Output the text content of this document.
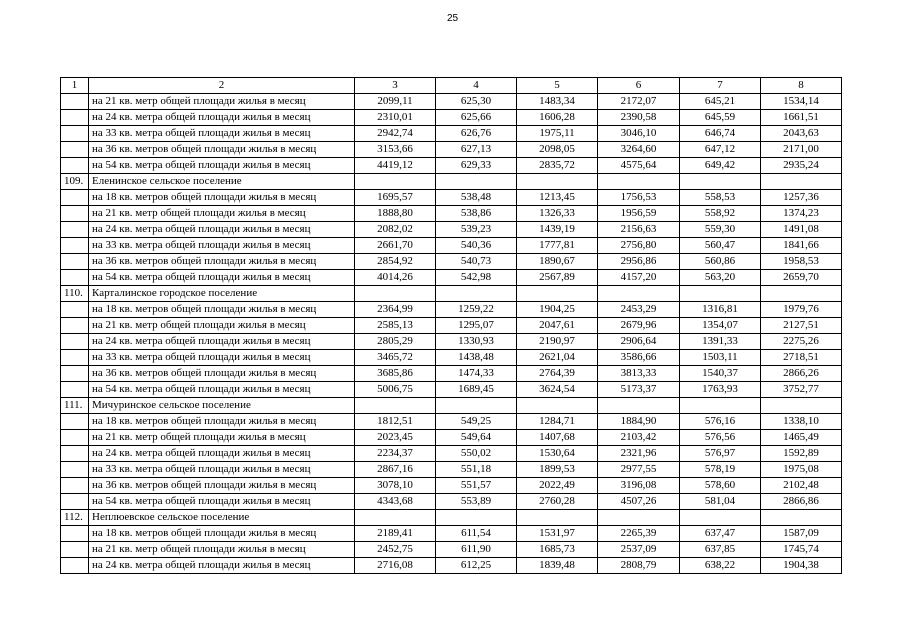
25
1	2	3	4	5	6	7	8
	на 21 кв. метр общей площади жилья в месяц	2099,11	625,30	1483,34	2172,07	645,21	1534,14
	на 24 кв. метра общей площади жилья в месяц	2310,01	625,66	1606,28	2390,58	645,59	1661,51
	на 33 кв. метра общей площади жилья в месяц	2942,74	626,76	1975,11	3046,10	646,74	2043,63
	на 36 кв. метров общей площади жилья в месяц	3153,66	627,13	2098,05	3264,60	647,12	2171,00
	на 54 кв. метра общей площади жилья в месяц	4419,12	629,33	2835,72	4575,64	649,42	2935,24
109.	Еленинское сельское поселение						
	на 18 кв. метров общей площади жилья в месяц	1695,57	538,48	1213,45	1756,53	558,53	1257,36
	на 21 кв. метр общей площади жилья в месяц	1888,80	538,86	1326,33	1956,59	558,92	1374,23
	на 24 кв. метра общей площади жилья в месяц	2082,02	539,23	1439,19	2156,63	559,30	1491,08
	на 33 кв. метра общей площади жилья в месяц	2661,70	540,36	1777,81	2756,80	560,47	1841,66
	на 36 кв. метров общей площади жилья в месяц	2854,92	540,73	1890,67	2956,86	560,86	1958,53
	на 54 кв. метра общей площади жилья в месяц	4014,26	542,98	2567,89	4157,20	563,20	2659,70
110.	Карталинское городское поселение						
	на 18 кв. метров общей площади жилья в месяц	2364,99	1259,22	1904,25	2453,29	1316,81	1979,76
	на 21 кв. метр общей площади жилья в месяц	2585,13	1295,07	2047,61	2679,96	1354,07	2127,51
	на 24 кв. метра общей площади жилья в месяц	2805,29	1330,93	2190,97	2906,64	1391,33	2275,26
	на 33 кв. метра общей площади жилья в месяц	3465,72	1438,48	2621,04	3586,66	1503,11	2718,51
	на 36 кв. метров общей площади жилья в месяц	3685,86	1474,33	2764,39	3813,33	1540,37	2866,26
	на 54 кв. метра общей площади жилья в месяц	5006,75	1689,45	3624,54	5173,37	1763,93	3752,77
111.	Мичуринское сельское поселение						
	на 18 кв. метров общей площади жилья в месяц	1812,51	549,25	1284,71	1884,90	576,16	1338,10
	на 21 кв. метр общей площади жилья в месяц	2023,45	549,64	1407,68	2103,42	576,56	1465,49
	на 24 кв. метра общей площади жилья в месяц	2234,37	550,02	1530,64	2321,96	576,97	1592,89
	на 33 кв. метра общей площади жилья в месяц	2867,16	551,18	1899,53	2977,55	578,19	1975,08
	на 36 кв. метров общей площади жилья в месяц	3078,10	551,57	2022,49	3196,08	578,60	2102,48
	на 54 кв. метра общей площади жилья в месяц	4343,68	553,89	2760,28	4507,26	581,04	2866,86
112.	Неплюевское сельское поселение						
	на 18 кв. метров общей площади жилья в месяц	2189,41	611,54	1531,97	2265,39	637,47	1587,09
	на 21 кв. метр общей площади жилья в месяц	2452,75	611,90	1685,73	2537,09	637,85	1745,74
	на 24 кв. метра общей площади жилья в месяц	2716,08	612,25	1839,48	2808,79	638,22	1904,38
